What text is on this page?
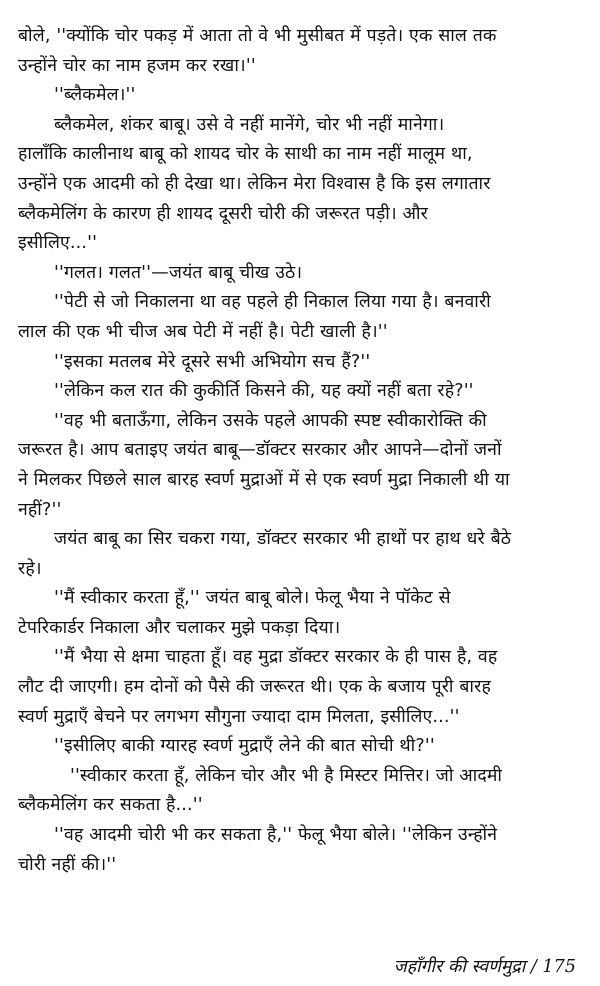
बोले, ''क्योंकि चोर पकड़ में आता तो वे भी मुसीबत में पड़ते। एक साल तक
उन्होंने चोर का नाम हजम कर रखा।''
''ब्लैकमेल।''
ब्लैकमेल, शंकर बाबू। उसे वे नहीं मानेंगे, चोर भी नहीं मानेगा।
हालाँकि कालीनाथ बाबू को शायद चोर के साथी का नाम नहीं मालूम था,
उन्होंने एक आदमी को ही देखा था। लेकिन मेरा विश्वास है कि इस लगातार
ब्लैकमेलिंग के कारण ही शायद दूसरी चोरी की जरूरत पड़ी। और
इसीलिए...''
''गलत। गलत''—जयंत बाबू चीख उठे।
''पेटी से जो निकालना था वह पहले ही निकाल लिया गया है। बनवारी
लाल की एक भी चीज अब पेटी में नहीं है। पेटी खाली है।''
''इसका मतलब मेरे दूसरे सभी अभियोग सच हैं?''
''लेकिन कल रात की कुकीर्ति किसने की, यह क्यों नहीं बता रहे?''
''वह भी बताऊँगा, लेकिन उसके पहले आपकी स्पष्ट स्वीकारोक्ति की
जरूरत है। आप बताइए जयंत बाबू—डॉक्टर सरकार और आपने—दोनों जनों
ने मिलकर पिछले साल बारह स्वर्ण मुद्राओं में से एक स्वर्ण मुद्रा निकाली थी या
नहीं?''
जयंत बाबू का सिर चकरा गया, डॉक्टर सरकार भी हाथों पर हाथ धरे बैठे
रहे।
''मैं स्वीकार करता हूँ,'' जयंत बाबू बोले। फेलू भैया ने पॉकेट से
टेपरिकार्डर निकाला और चलाकर मुझे पकड़ा दिया।
''मैं भैया से क्षमा चाहता हूँ। वह मुद्रा डॉक्टर सरकार के ही पास है, वह
लौट दी जाएगी। हम दोनों को पैसे की जरूरत थी। एक के बजाय पूरी बारह
स्वर्ण मुद्राएँ बेचने पर लगभग सौगुना ज्यादा दाम मिलता, इसीलिए...''
''इसीलिए बाकी ग्यारह स्वर्ण मुद्राएँ लेने की बात सोची थी?''
''स्वीकार करता हूँ, लेकिन चोर और भी है मिस्टर मित्तिर। जो आदमी
ब्लैकमेलिंग कर सकता है...''
''वह आदमी चोरी भी कर सकता है,'' फेलू भैया बोले। ''लेकिन उन्होंने
चोरी नहीं की।''
जहाँगीर की स्वर्णमुद्रा / 175
